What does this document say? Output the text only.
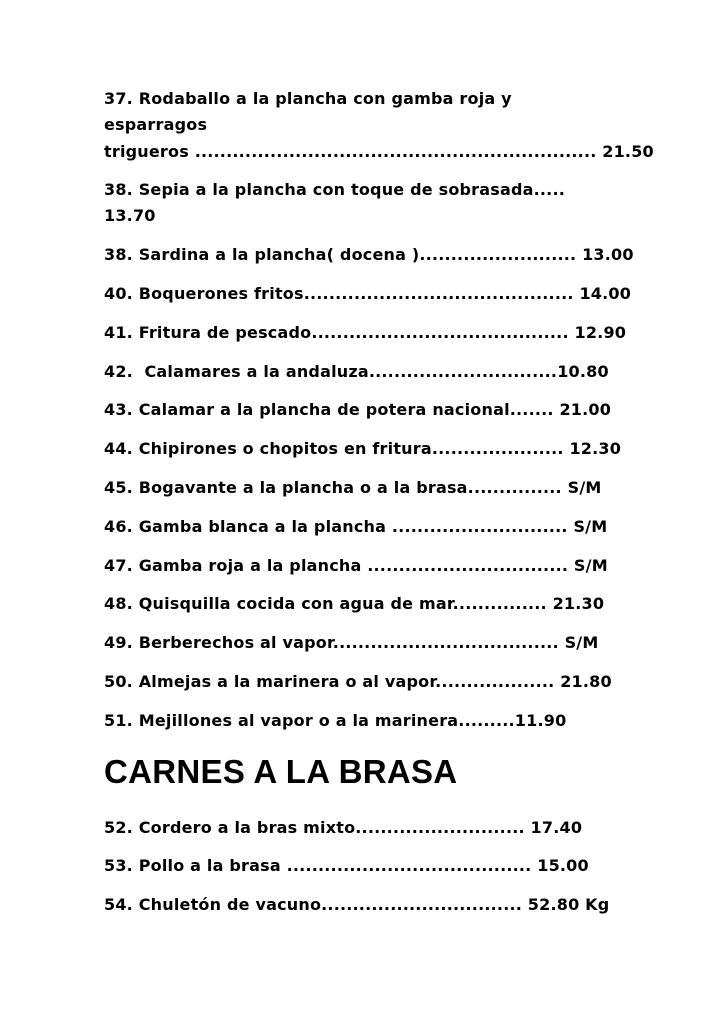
37. Rodaballo a la plancha con gamba roja y
esparragos
trigueros ................................................................ 21.50
38. Sepia a la plancha con toque de sobrasada.....
13.70
38. Sardina a la plancha( docena )......................... 13.00
40. Boquerones fritos........................................... 14.00
41. Fritura de pescado......................................... 12.90
42.  Calamares a la andaluza..............................10.80
43. Calamar a la plancha de potera nacional....... 21.00
44. Chipirones o chopitos en fritura..................... 12.30
45. Bogavante a la plancha o a la brasa............... S/M
46. Gamba blanca a la plancha ............................ S/M
47. Gamba roja a la plancha ................................ S/M
48. Quisquilla cocida con agua de mar............... 21.30
49. Berberechos al vapor.................................... S/M
50. Almejas a la marinera o al vapor................... 21.80
51. Mejillones al vapor o a la marinera.........11.90
CARNES A LA BRASA
52. Cordero a la bras mixto........................... 17.40
53. Pollo a la brasa ....................................... 15.00
54. Chuletón de vacuno................................ 52.80 Kg
